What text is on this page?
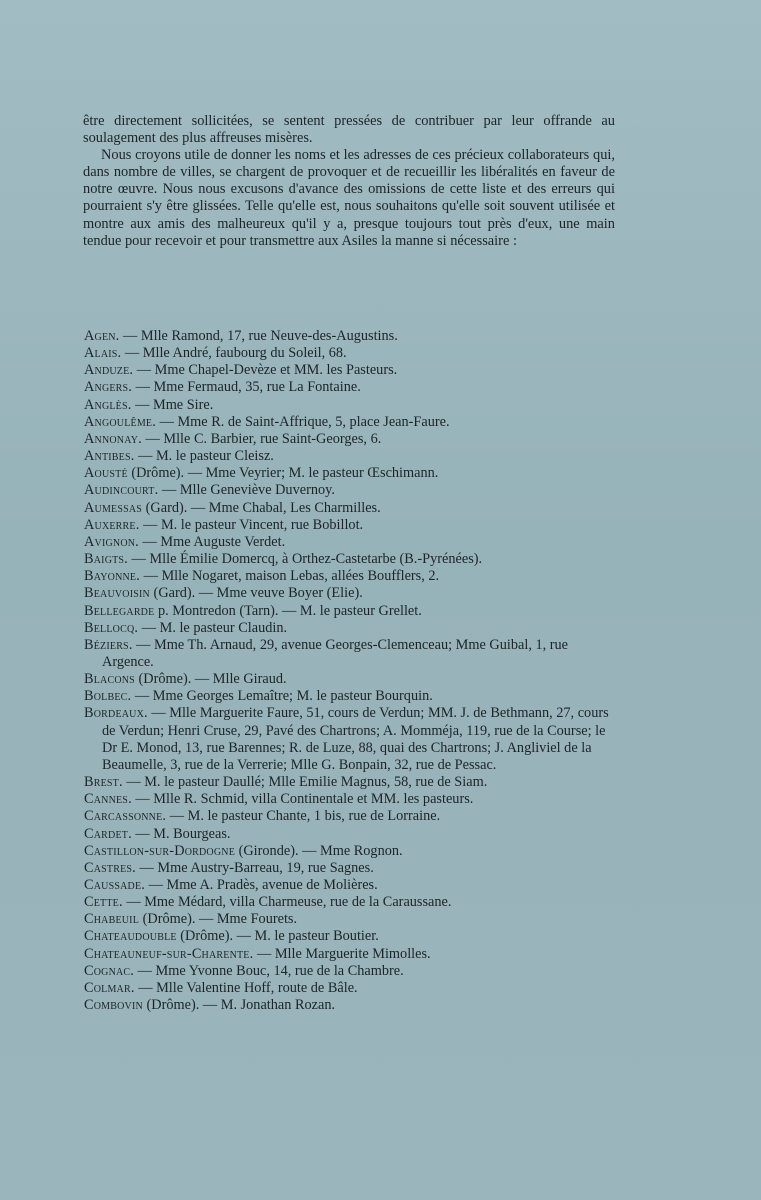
être directement sollicitées, se sentent pressées de contribuer par leur offrande au soulagement des plus affreuses misères.

Nous croyons utile de donner les noms et les adresses de ces précieux collaborateurs qui, dans nombre de villes, se chargent de provoquer et de recueillir les libéralités en faveur de notre œuvre. Nous nous excusons d'avance des omissions de cette liste et des erreurs qui pourraient s'y être glissées. Telle qu'elle est, nous souhaitons qu'elle soit souvent utilisée et montre aux amis des malheureux qu'il y a, presque toujours tout près d'eux, une main tendue pour recevoir et pour transmettre aux Asiles la manne si nécessaire :

Agen. — Mlle Ramond, 17, rue Neuve-des-Augustins.

Alais. — Mlle André, faubourg du Soleil, 68.

Anduze. — Mme Chapel-Devèze et MM. les Pasteurs.

Angers. — Mme Fermaud, 35, rue La Fontaine.

Anglès. — Mme Sire.

Angoulême. — Mme R. de Saint-Affrique, 5, place Jean-Faure.

Annonay. — Mlle C. Barbier, rue Saint-Georges, 6.

Antibes. — M. le pasteur Cleisz.

Aousté (Drôme). — Mme Veyrier; M. le pasteur Œschimann.

Audincourt. — Mlle Geneviève Duvernoy.

Aumessas (Gard). — Mme Chabal, Les Charmilles.

Auxerre. — M. le pasteur Vincent, rue Bobillot.

Avignon. — Mme Auguste Verdet.

Baigts. — Mlle Émilie Domercq, à Orthez-Castetarbe (B.-Pyrénées).

Bayonne. — Mlle Nogaret, maison Lebas, allées Boufflers, 2.

Beauvoisin (Gard). — Mme veuve Boyer (Elie).

Bellegarde p. Montredon (Tarn). — M. le pasteur Grellet.

Bellocq. — M. le pasteur Claudin.

Béziers. — Mme Th. Arnaud, 29, avenue Georges-Clemenceau; Mme Guibal, 1, rue Argence.

Blacons (Drôme). — Mlle Giraud.

Bolbec. — Mme Georges Lemaître; M. le pasteur Bourquin.

Bordeaux. — Mlle Marguerite Faure, 51, cours de Verdun; MM. J. de Bethmann, 27, cours de Verdun; Henri Cruse, 29, Pavé des Chartrons; A. Momméja, 119, rue de la Course; le Dr E. Monod, 13, rue Barennes; R. de Luze, 88, quai des Chartrons; J. Angliviel de la Beaumelle, 3, rue de la Verrerie; Mlle G. Bonpain, 32, rue de Pessac.

Brest. — M. le pasteur Daullé; Mlle Emilie Magnus, 58, rue de Siam.

Cannes. — Mlle R. Schmid, villa Continentale et MM. les pasteurs.

Carcassonne. — M. le pasteur Chante, 1 bis, rue de Lorraine.

Cardet. — M. Bourgeas.

Castillon-sur-Dordogne (Gironde). — Mme Rognon.

Castres. — Mme Austry-Barreau, 19, rue Sagnes.

Caussade. — Mme A. Pradès, avenue de Molières.

Cette. — Mme Médard, villa Charmeuse, rue de la Caraussane.

Chabeuil (Drôme). — Mme Fourets.

Chateaudouble (Drôme). — M. le pasteur Boutier.

Chateauneuf-sur-Charente. — Mlle Marguerite Mimolles.

Cognac. — Mme Yvonne Bouc, 14, rue de la Chambre.

Colmar. — Mlle Valentine Hoff, route de Bâle.

Combovin (Drôme). — M. Jonathan Rozan.
